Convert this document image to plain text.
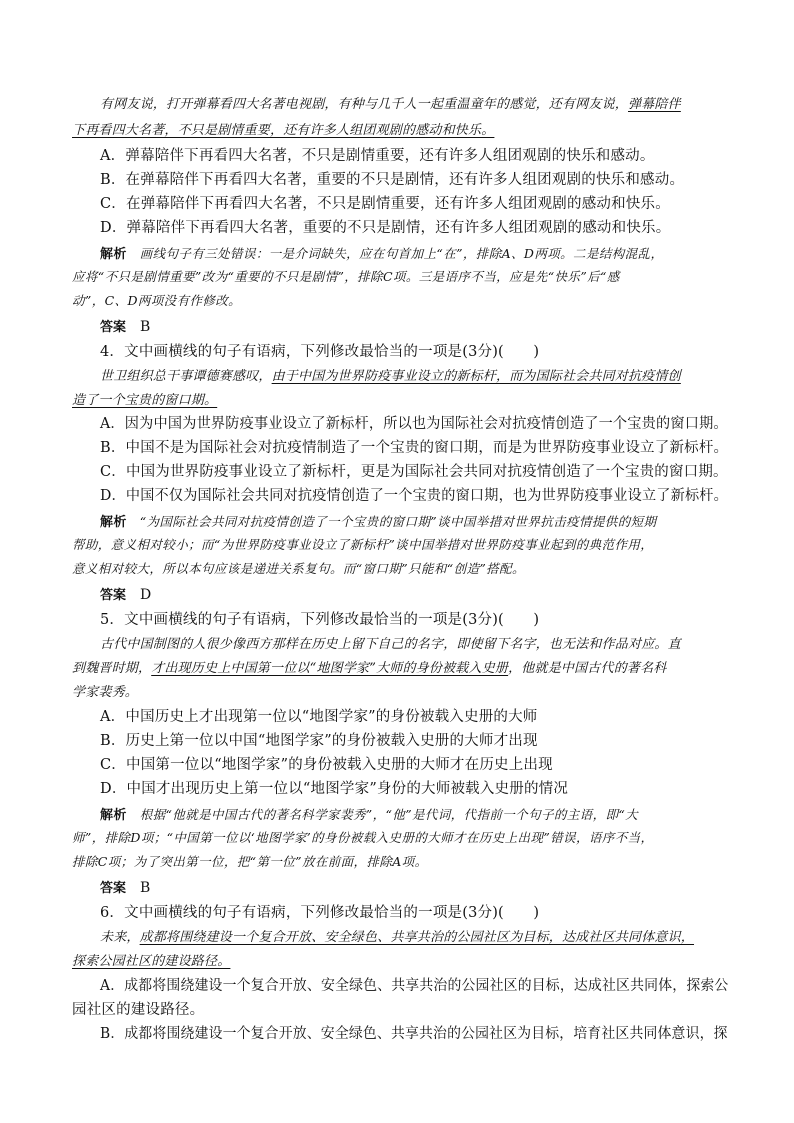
有网友说，打开弹幕看四大名著电视剧，有种与几千人一起重温童年的感觉，还有网友说，弹幕陪伴
下再看四大名著，不只是剧情重要，还有许多人组团观剧的感动和快乐。
A．弹幕陪伴下再看四大名著，不只是剧情重要，还有许多人组团观剧的快乐和感动。
B．在弹幕陪伴下再看四大名著，重要的不只是剧情，还有许多人组团观剧的快乐和感动。
C．在弹幕陪伴下再看四大名著，不只是剧情重要，还有许多人组团观剧的感动和快乐。
D．弹幕陪伴下再看四大名著，重要的不只是剧情，还有许多人组团观剧的感动和快乐。
解析　 画线句子有三处错误：一是介词缺失，应在句首加上“在”，排除A、D两项。二是结构混乱，
应将“不只是剧情重要”改为“重要的不只是剧情”，排除C项。三是语序不当，应是先“快乐”后“感
动”，C、D两项没有作修改。
答案　 B
4．文中画横线的句子有语病，下列修改最恰当的一项是(3分)(　　)
世卫组织总干事谭德赛感叹，由于中国为世界防疫事业设立的新标杆，而为国际社会共同对抗疫情创
造了一个宝贵的窗口期。
A．因为中国为世界防疫事业设立了新标杆，所以也为国际社会对抗疫情创造了一个宝贵的窗口期。
B．中国不是为国际社会对抗疫情制造了一个宝贵的窗口期，而是为世界防疫事业设立了新标杆。
C．中国为世界防疫事业设立了新标杆，更是为国际社会共同对抗疫情创造了一个宝贵的窗口期。
D．中国不仅为国际社会共同对抗疫情创造了一个宝贵的窗口期，也为世界防疫事业设立了新标杆。
解析　 “为国际社会共同对抗疫情创造了一个宝贵的窗口期”谈中国举措对世界抗击疫情提供的短期
帮助，意义相对较小；而“为世界防疫事业设立了新标杆”谈中国举措对世界防疫事业起到的典范作用，
意义相对较大，所以本句应该是递进关系复句。而“窗口期”只能和“创造”搭配。
答案　 D
5．文中画横线的句子有语病，下列修改最恰当的一项是(3分)(　　)
古代中国制图的人很少像西方那样在历史上留下自己的名字，即使留下名字，也无法和作品对应。直
到魏晋时期，才出现历史上中国第一位以“地图学家”大师的身份被载入史册，他就是中国古代的著名科
学家裴秀。
A．中国历史上才出现第一位以“地图学家”的身份被载入史册的大师
B．历史上第一位以中国“地图学家”的身份被载入史册的大师才出现
C．中国第一位以“地图学家”的身份被载入史册的大师才在历史上出现
D．中国才出现历史上第一位以“地图学家”身份的大师被载入史册的情况
解析　 根据“他就是中国古代的著名科学家裴秀”，“他”是代词，代指前一个句子的主语，即“大
师”，排除D项；“中国第一位以‘地图学家’的身份被载入史册的大师才在历史上出现”错误，语序不当，
排除C项；为了突出第一位，把“第一位”放在前面，排除A项。
答案　 B
6．文中画横线的句子有语病，下列修改最恰当的一项是(3分)(　　)
未来，成都将围绕建设一个复合开放、安全绿色、共享共治的公园社区为目标，达成社区共同体意识，
探索公园社区的建设路径。
A．成都将围绕建设一个复合开放、安全绿色、共享共治的公园社区的目标，达成社区共同体，探索公
园社区的建设路径。
B．成都将围绕建设一个复合开放、安全绿色、共享共治的公园社区为目标，培育社区共同体意识，探
